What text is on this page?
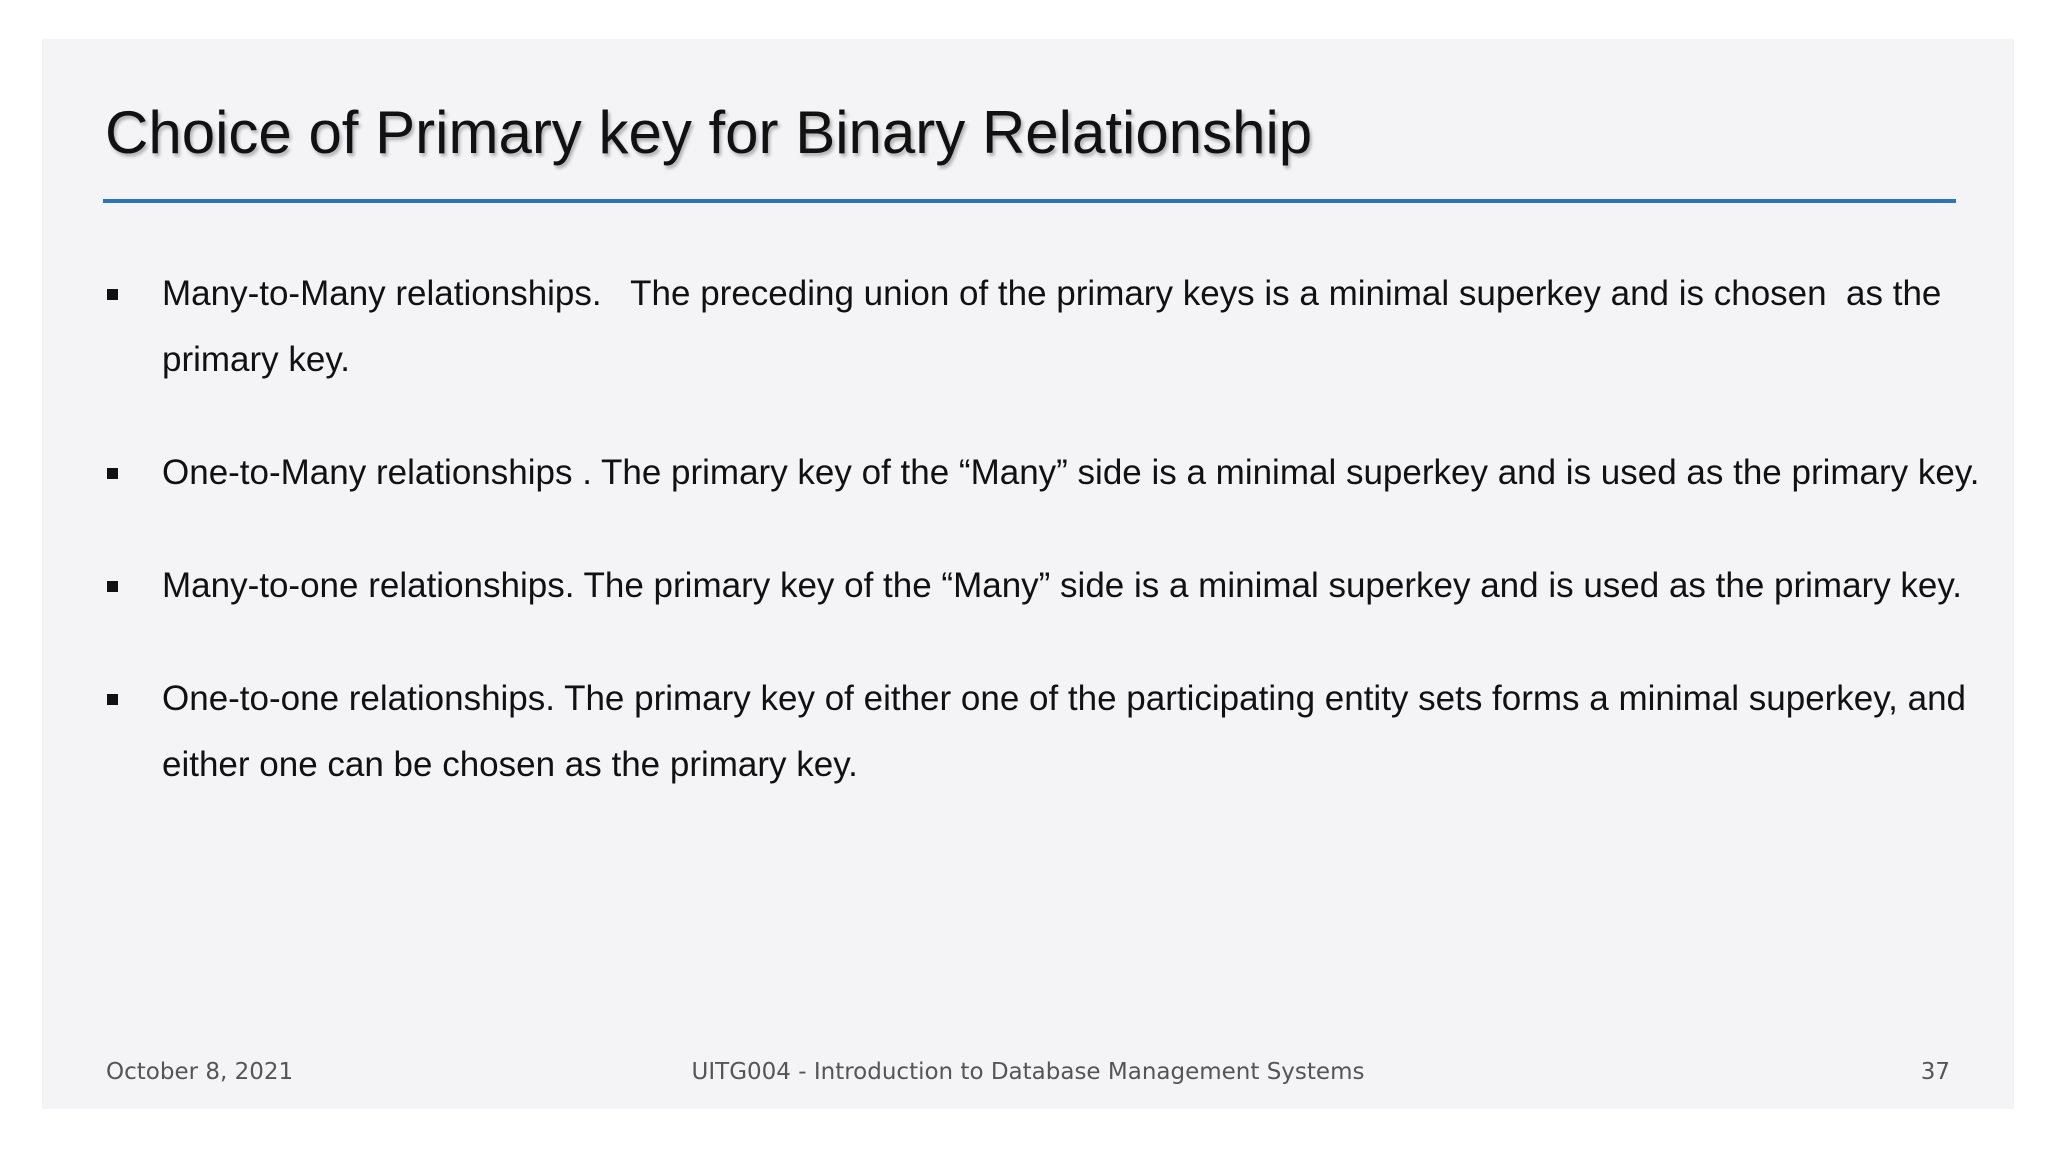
Choice of Primary key for Binary Relationship
Many-to-Many relationships.   The preceding union of the primary keys is a minimal superkey and is chosen  as the primary key.
One-to-Many relationships . The primary key of the “Many” side is a minimal superkey and is used as the primary key.
Many-to-one relationships. The primary key of the “Many” side is a minimal superkey and is used as the primary key.
One-to-one relationships. The primary key of either one of the participating entity sets forms a minimal superkey, and either one can be chosen as the primary key.
October 8, 2021	UITG004 - Introduction to Database Management Systems	37
